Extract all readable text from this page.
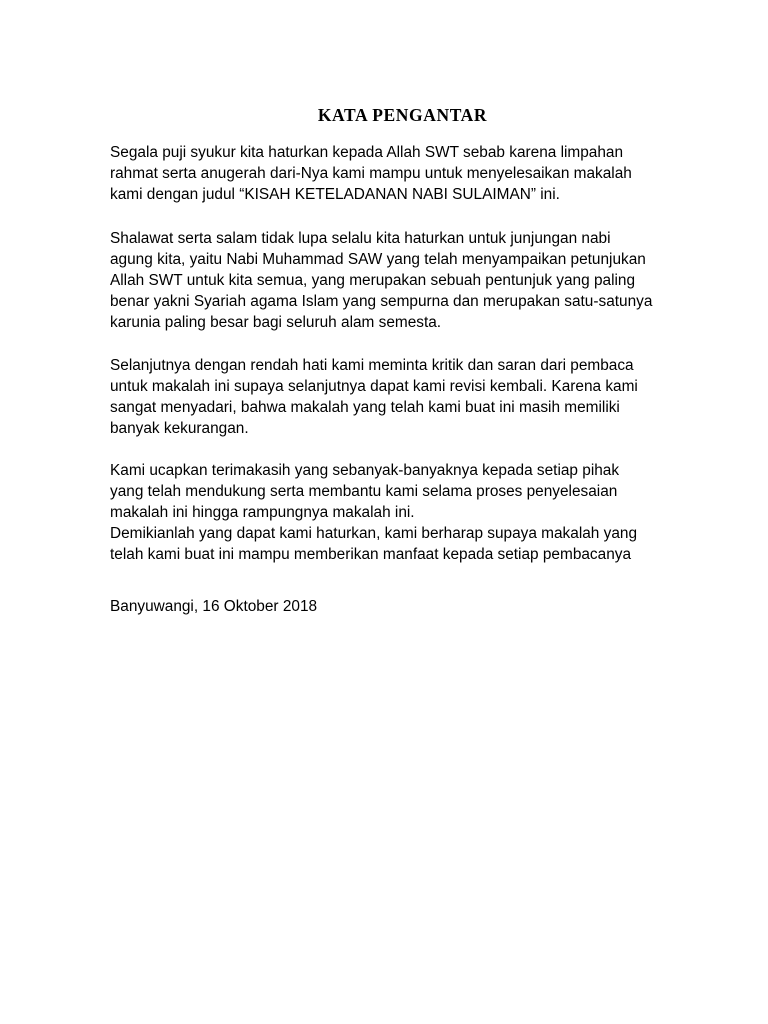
KATA PENGANTAR
Segala puji syukur kita haturkan kepada Allah SWT sebab karena limpahan
rahmat serta anugerah dari-Nya kami mampu untuk menyelesaikan makalah
kami dengan judul “KISAH KETELADANAN NABI SULAIMAN” ini.
Shalawat serta salam tidak lupa selalu kita haturkan untuk junjungan nabi
agung kita, yaitu Nabi Muhammad SAW yang telah menyampaikan petunjukan
Allah SWT untuk kita semua, yang merupakan sebuah pentunjuk yang paling
benar yakni Syariah agama Islam yang sempurna dan merupakan satu-satunya
karunia paling besar bagi seluruh alam semesta.
Selanjutnya dengan rendah hati kami meminta kritik dan saran dari pembaca
untuk makalah ini supaya selanjutnya dapat kami revisi kembali. Karena kami
sangat menyadari, bahwa makalah yang telah kami buat ini masih memiliki
banyak kekurangan.
Kami ucapkan terimakasih yang sebanyak-banyaknya kepada setiap pihak
yang telah mendukung serta membantu kami selama proses penyelesaian
makalah ini hingga rampungnya makalah ini.
Demikianlah yang dapat kami haturkan, kami berharap supaya makalah yang
telah kami buat ini mampu memberikan manfaat kepada setiap pembacanya
Banyuwangi, 16 Oktober 2018
